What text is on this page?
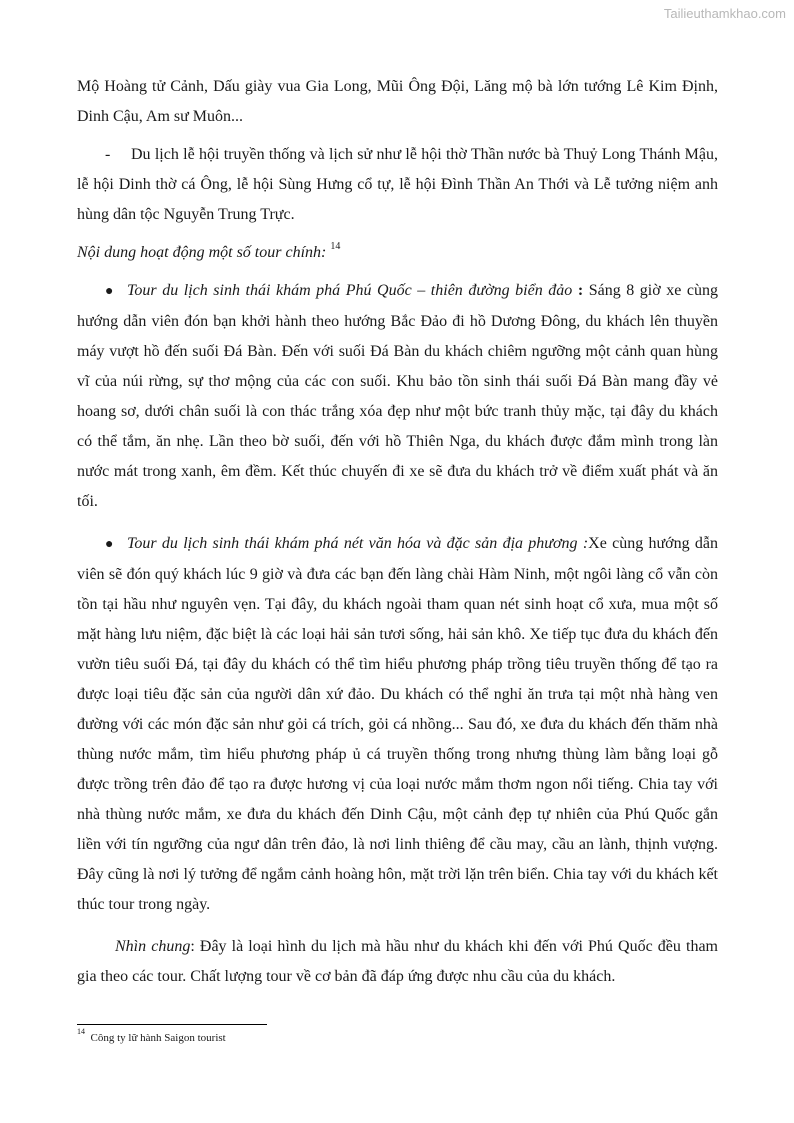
Tailieuthamkhao.com

Mộ Hoàng tử Cảnh, Dấu giày vua Gia Long, Mũi Ông Đội, Lăng mộ bà lớn tướng Lê Kim Định, Dinh Cậu, Am sư Muôn...

- Du lịch lễ hội truyền thống và lịch sử như lễ hội thờ Thần nước bà Thuỷ Long Thánh Mậu, lễ hội Dinh thờ cá Ông, lễ hội Sùng Hưng cổ tự, lễ hội Đình Thần An Thới và Lễ tưởng niệm anh hùng dân tộc Nguyễn Trung Trực.

Nội dung hoạt động một số tour chính: $^{14}$

● Tour du lịch sinh thái khám phá Phú Quốc – thiên đường biển đảo : Sáng 8 giờ xe cùng hướng dẫn viên đón bạn khởi hành theo hướng Bắc Đảo đi hồ Dương Đông, du khách lên thuyền máy vượt hồ đến suối Đá Bàn. Đến với suối Đá Bàn du khách chiêm ngưỡng một cảnh quan hùng vĩ của núi rừng, sự thơ mộng của các con suối. Khu bảo tồn sinh thái suối Đá Bàn mang đầy vẻ hoang sơ, dưới chân suối là con thác trắng xóa đẹp như một bức tranh thủy mặc, tại đây du khách có thể tắm, ăn nhẹ. Lần theo bờ suối, đến với hồ Thiên Nga, du khách được đắm mình trong làn nước mát trong xanh, êm đềm. Kết thúc chuyến đi xe sẽ đưa du khách trở về điểm xuất phát và ăn tối.

● Tour du lịch sinh thái khám phá nét văn hóa và đặc sản địa phương :Xe cùng hướng dẫn viên sẽ đón quý khách lúc 9 giờ và đưa các bạn đến làng chài Hàm Ninh, một ngôi làng cổ vẫn còn tồn tại hầu như nguyên vẹn. Tại đây, du khách ngoài tham quan nét sinh hoạt cổ xưa, mua một số mặt hàng lưu niệm, đặc biệt là các loại hải sản tươi sống, hải sản khô. Xe tiếp tục đưa du khách đến vườn tiêu suối Đá, tại đây du khách có thể tìm hiểu phương pháp trồng tiêu truyền thống để tạo ra được loại tiêu đặc sản của người dân xứ đảo. Du khách có thể nghỉ ăn trưa tại một nhà hàng ven đường với các món đặc sản như gỏi cá trích, gỏi cá nhồng... Sau đó, xe đưa du khách đến thăm nhà thùng nước mắm, tìm hiểu phương pháp ủ cá truyền thống trong nhưng thùng làm bằng loại gỗ được trồng trên đảo để tạo ra được hương vị của loại nước mắm thơm ngon nổi tiếng. Chia tay với nhà thùng nước mắm, xe đưa du khách đến Dinh Cậu, một cảnh đẹp tự nhiên của Phú Quốc gắn liền với tín ngưỡng của ngư dân trên đảo, là nơi linh thiêng để cầu may, cầu an lành, thịnh vượng. Đây cũng là nơi lý tưởng để ngắm cảnh hoàng hôn, mặt trời lặn trên biển. Chia tay với du khách kết thúc tour trong ngày.

Nhìn chung: Đây là loại hình du lịch mà hầu như du khách khi đến với Phú Quốc đều tham gia theo các tour. Chất lượng tour về cơ bản đã đáp ứng được nhu cầu của du khách.

$^{14}$  Công ty lữ hành Saigon tourist
